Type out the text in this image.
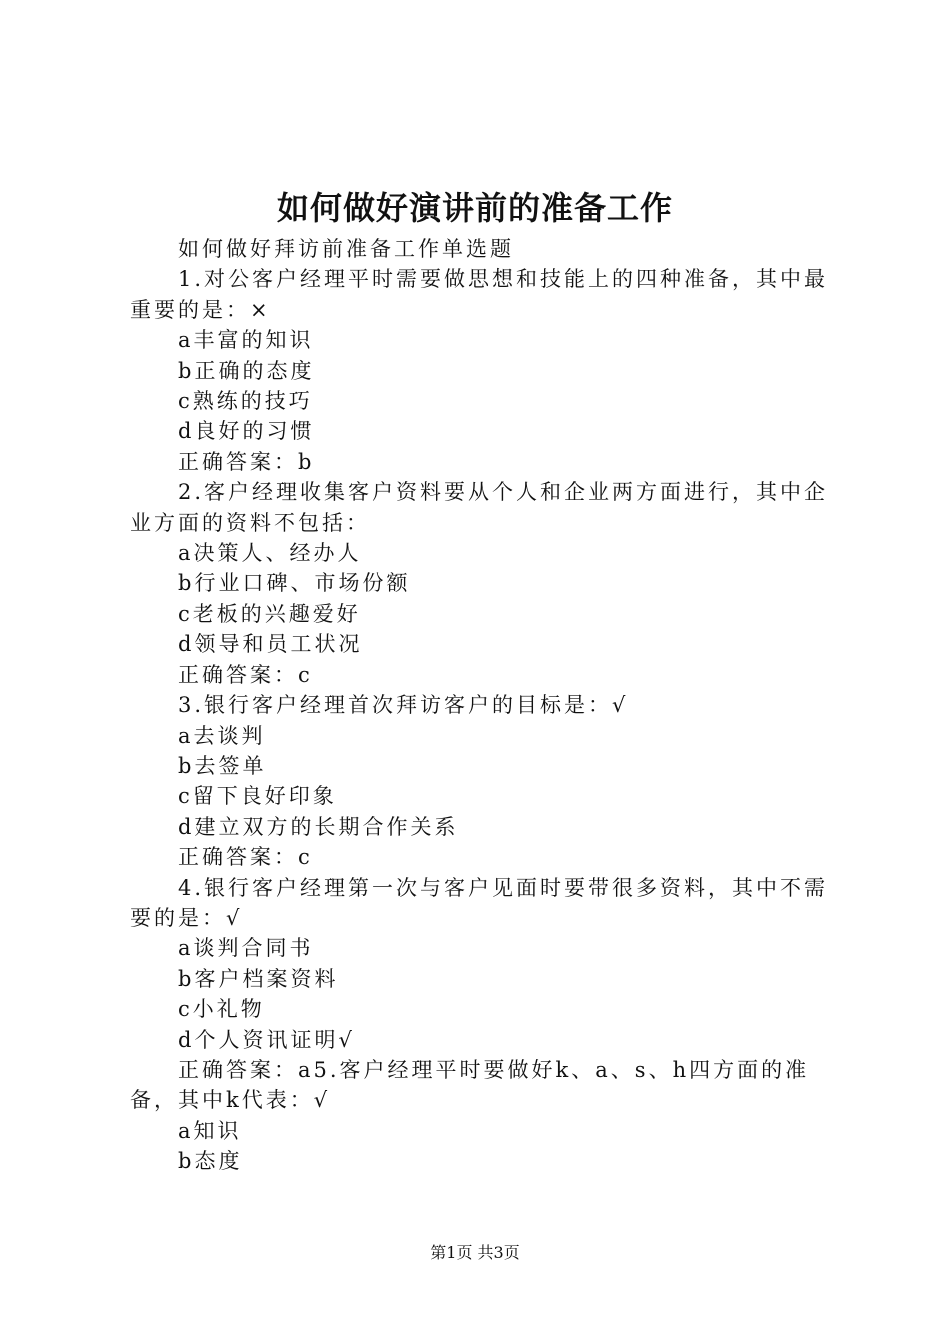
如何做好演讲前的准备工作

如何做好拜访前准备工作单选题

1.对公客户经理平时需要做思想和技能上的四种准备，其中最重要的是：×

a丰富的知识

b正确的态度

c熟练的技巧

d良好的习惯

正确答案：b

2.客户经理收集客户资料要从个人和企业两方面进行，其中企业方面的资料不包括：

a决策人、经办人

b行业口碑、市场份额

c老板的兴趣爱好

d领导和员工状况

正确答案：c

3.银行客户经理首次拜访客户的目标是：√

a去谈判

b去签单

c留下良好印象

d建立双方的长期合作关系

正确答案：c

4.银行客户经理第一次与客户见面时要带很多资料，其中不需要的是：√

a谈判合同书

b客户档案资料

c小礼物

d个人资讯证明√

正确答案：a5.客户经理平时要做好k、a、s、h四方面的准备，其中k代表：√

a知识

b态度

第1页 共3页
